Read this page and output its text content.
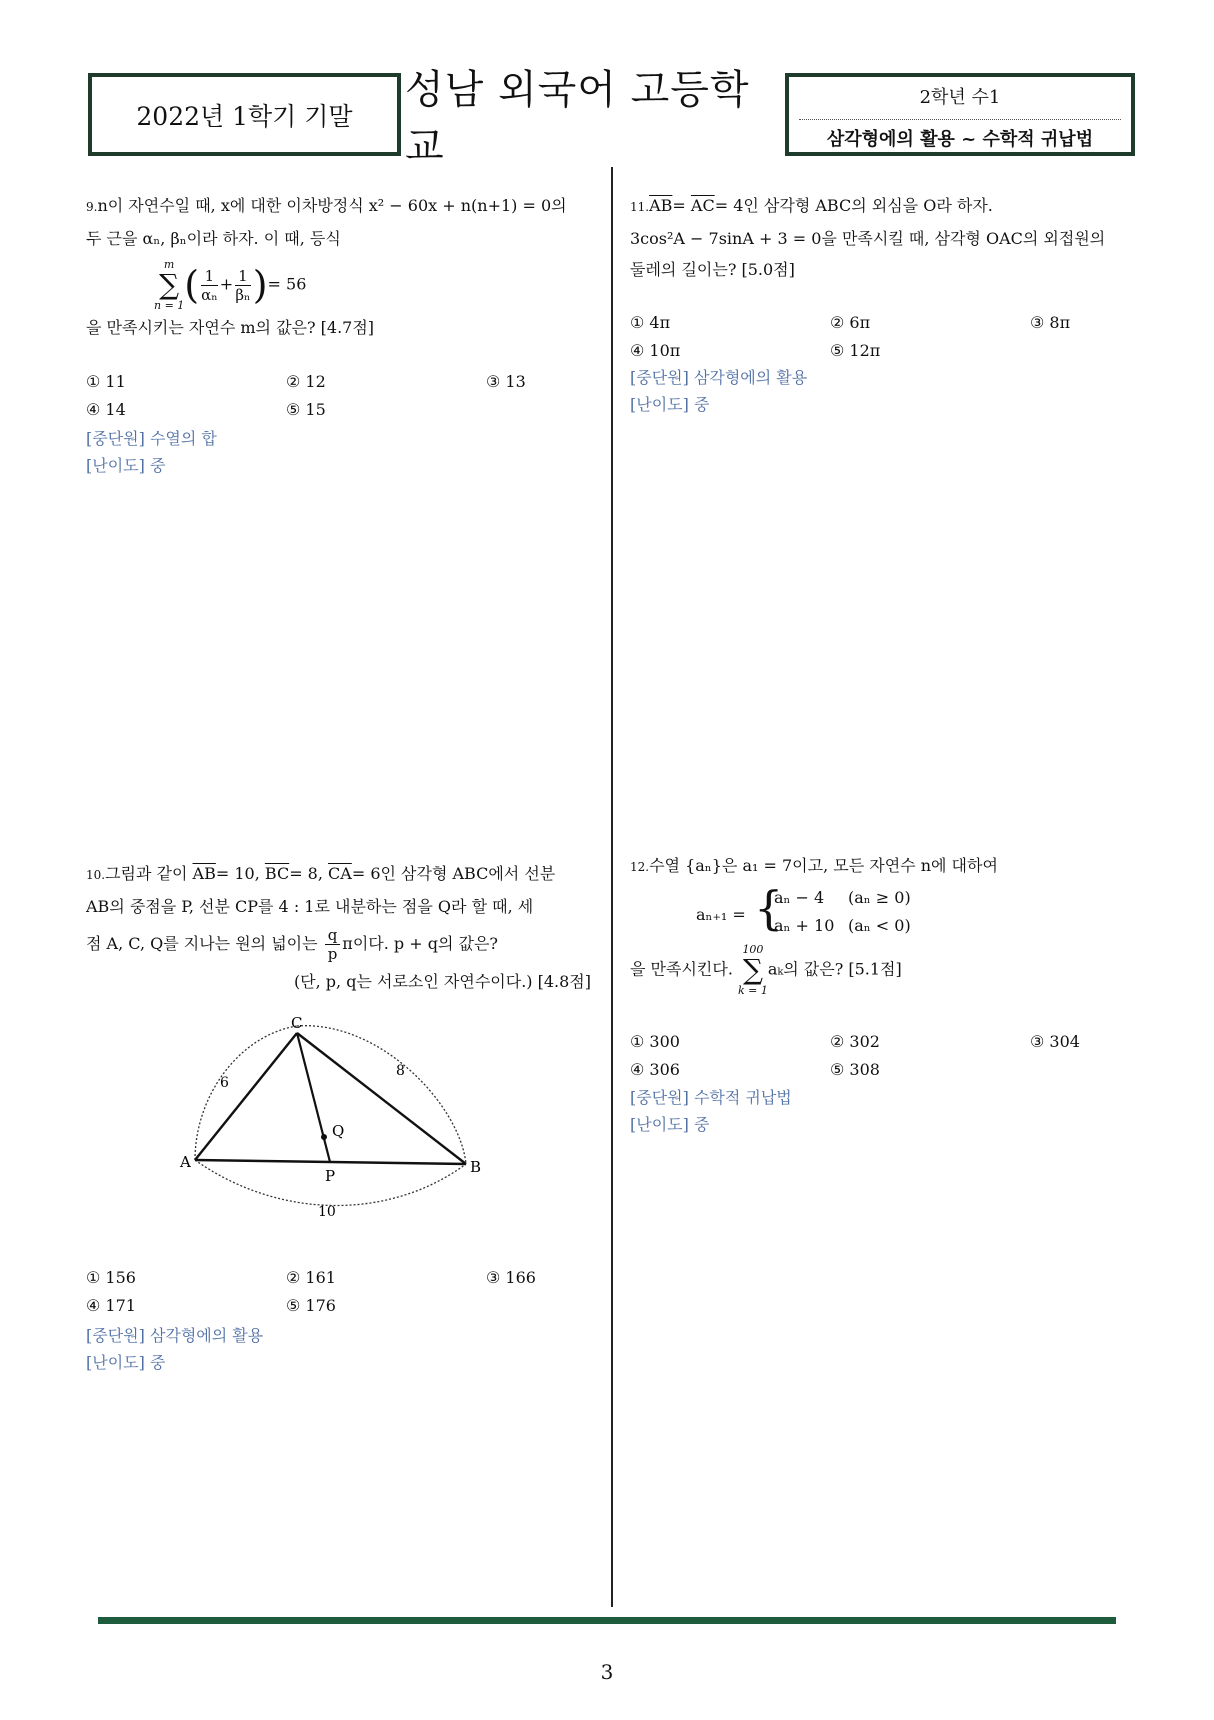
2022년 1학기 기말
성남 외국어 고등학교
2학년 수1
삼각형에의 활용 ~ 수학적 귀납법
9.n이 자연수일 때, x에 대한 이차방정식 x² − 60x + n(n+1) = 0의
두 근을 αₙ, βₙ이라 하자. 이 때, 등식
m
∑
n = 1 ( $\frac{1}{\text{αₙ}} + \frac{1}{\text{βₙ}}$ )= 56
을 만족시키는 자연수 m의 값은? [4.7점]
① 11	② 12	③ 13
④ 14	⑤ 15
[중단원] 수열의 합
[난이도] 중
$11.\overline{AB}= \overline{AC}= 4$인 삼각형 ABC의 외심을 O라 하자.
3cos²A − 7sinA + 3 = 0을 만족시킬 때, 삼각형 OAC의 외접원의
둘레의 길이는? [5.0점]
① 4π	② 6π	③ 8π
④ 10π	⑤ 12π
[중단원] 삼각형에의 활용
[난이도] 중
10.그림과 같이 $\overline{AB}= 10$, $\overline{BC}= 8$, $\overline{CA}= 6$인 삼각형 ABC에서 선분
AB의 중점을 P, 선분 CP를 4 : 1로 내분하는 점을 Q라 할 때, 세
점 A, C, Q를 지나는 원의 넓이는 $\frac{q}{p}$ π이다. p + q의 값은?
(단, p, q는 서로소인 자연수이다.) [4.8점]
C
A	B
P
Q
6
8
10
① 156	② 161	③ 166
④ 171	⑤ 176
[중단원] 삼각형에의 활용
[난이도] 중
12.수열 {aₙ}은 a₁ = 7이고, 모든 자연수 n에 대하여
aₙ₊₁ = {
aₙ − 4 (aₙ ≥ 0)
aₙ + 10 (aₙ < 0)
을 만족시킨다.
100
∑
k = 1
aₖ의 값은? [5.1점]
① 300	② 302	③ 304
④ 306	⑤ 308
[중단원] 수학적 귀납법
[난이도] 중
3
